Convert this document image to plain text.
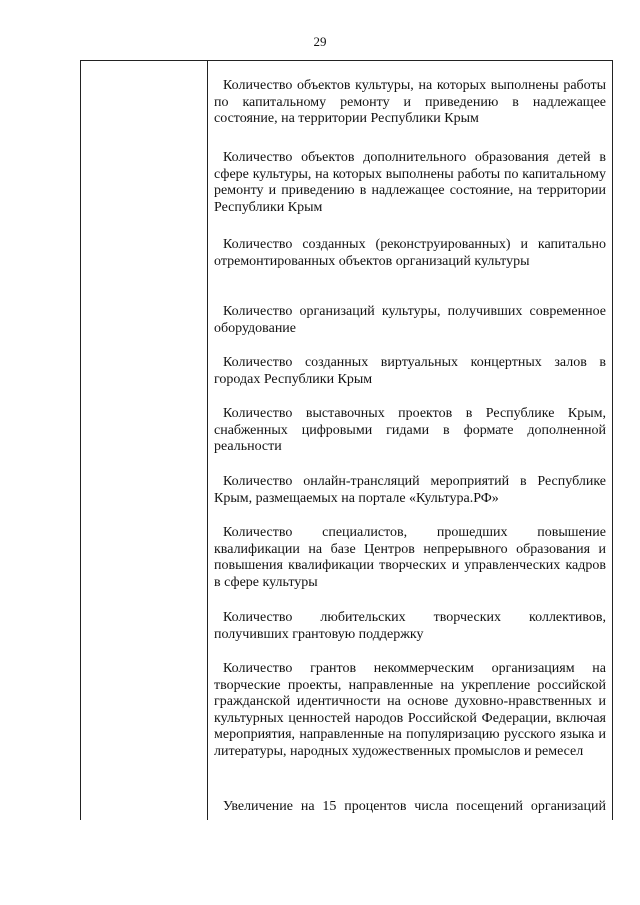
29
Количество объектов культуры, на которых выполнены работы по капитальному ремонту и приведению в надлежащее состояние, на территории Республики Крым
Количество объектов дополнительного образования детей в сфере культуры, на которых выполнены работы по капитальному ремонту и приведению в надлежащее состояние, на территории Республики Крым
Количество созданных (реконструированных) и капитально отремонтированных объектов организаций культуры
Количество организаций культуры, получивших современное оборудование
Количество созданных виртуальных концертных залов в городах Республики Крым
Количество выставочных проектов в Республике Крым, снабженных цифровыми гидами в формате дополненной реальности
Количество онлайн-трансляций мероприятий в Республике Крым, размещаемых на портале «Культура.РФ»
Количество специалистов, прошедших повышение квалификации на базе Центров непрерывного образования и повышения квалификации творческих и управленческих кадров в сфере культуры
Количество любительских творческих коллективов, получивших грантовую поддержку
Количество грантов некоммерческим организациям на творческие проекты, направленные на укрепление российской гражданской идентичности на основе духовно-нравственных и культурных ценностей народов Российской Федерации, включая мероприятия, направленные на популяризацию русского языка и литературы, народных художественных промыслов и ремесел
Увеличение на 15 процентов числа посещений организаций
